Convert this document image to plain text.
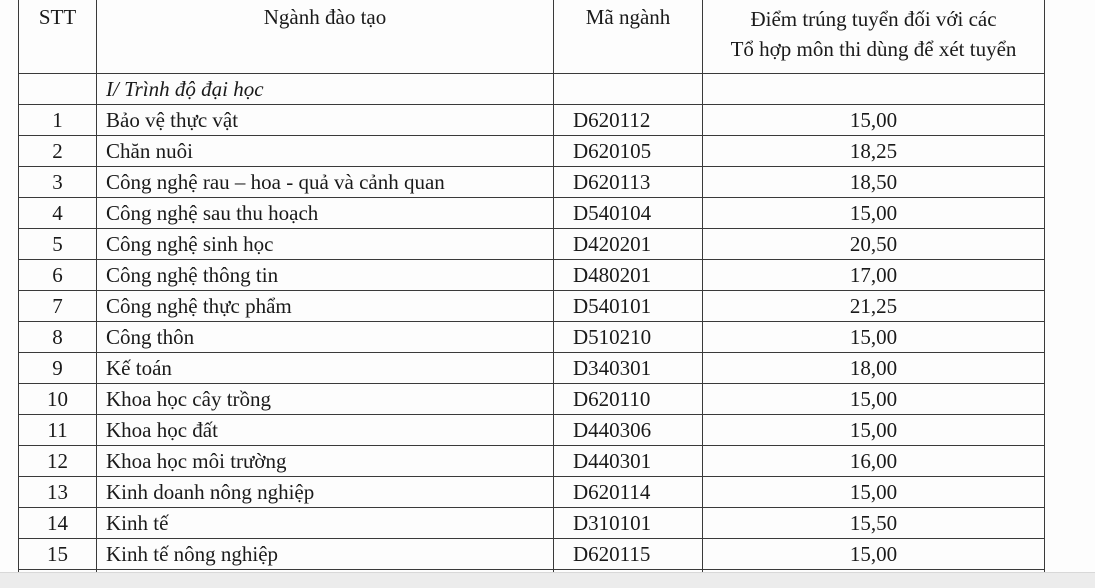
STT	Ngành đào tạo	Mã ngành	Điểm trúng tuyển đối với các
Tổ hợp môn thi dùng để xét tuyển

	I/ Trình độ đại học		
1	Bảo vệ thực vật	D620112	15,00
2	Chăn nuôi	D620105	18,25
3	Công nghệ rau – hoa - quả và cảnh quan	D620113	18,50
4	Công nghệ sau thu hoạch	D540104	15,00
5	Công nghệ sinh học	D420201	20,50
6	Công nghệ thông tin	D480201	17,00
7	Công nghệ thực phẩm	D540101	21,25
8	Công thôn	D510210	15,00
9	Kế toán	D340301	18,00
10	Khoa học cây trồng	D620110	15,00
11	Khoa học đất	D440306	15,00
12	Khoa học môi trường	D440301	16,00
13	Kinh doanh nông nghiệp	D620114	15,00
14	Kinh tế	D310101	15,50
15	Kinh tế nông nghiệp	D620115	15,00
